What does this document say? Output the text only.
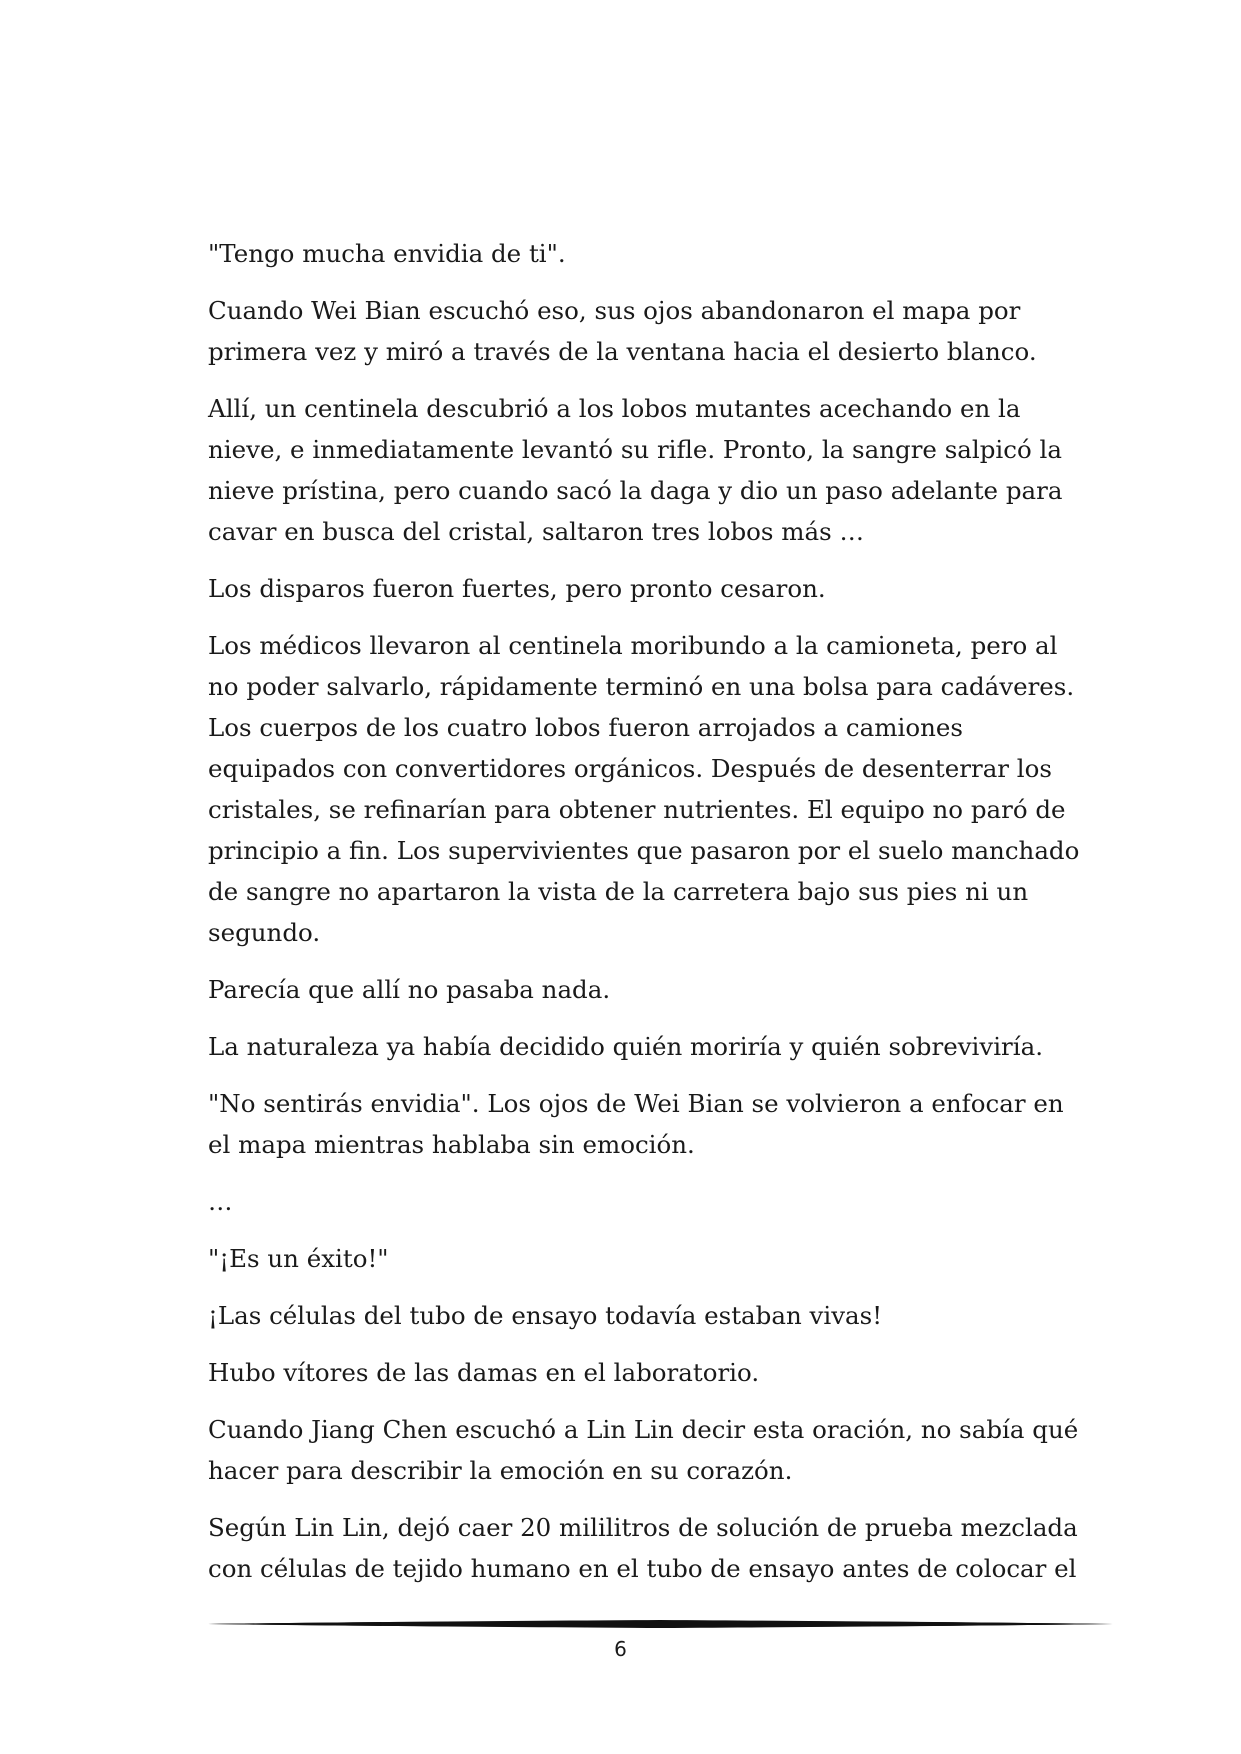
"Tengo mucha envidia de ti".

Cuando Wei Bian escuchó eso, sus ojos abandonaron el mapa por primera vez y miró a través de la ventana hacia el desierto blanco.

Allí, un centinela descubrió a los lobos mutantes acechando en la nieve, e inmediatamente levantó su rifle. Pronto, la sangre salpicó la nieve prístina, pero cuando sacó la daga y dio un paso adelante para cavar en busca del cristal, saltaron tres lobos más …

Los disparos fueron fuertes, pero pronto cesaron.

Los médicos llevaron al centinela moribundo a la camioneta, pero al no poder salvarlo, rápidamente terminó en una bolsa para cadáveres. Los cuerpos de los cuatro lobos fueron arrojados a camiones equipados con convertidores orgánicos. Después de desenterrar los cristales, se refinarían para obtener nutrientes. El equipo no paró de principio a fin. Los supervivientes que pasaron por el suelo manchado de sangre no apartaron la vista de la carretera bajo sus pies ni un segundo.

Parecía que allí no pasaba nada.

La naturaleza ya había decidido quién moriría y quién sobreviviría.

"No sentirás envidia". Los ojos de Wei Bian se volvieron a enfocar en el mapa mientras hablaba sin emoción.

…

"¡Es un éxito!"

¡Las células del tubo de ensayo todavía estaban vivas!

Hubo vítores de las damas en el laboratorio.

Cuando Jiang Chen escuchó a Lin Lin decir esta oración, no sabía qué hacer para describir la emoción en su corazón.

Según Lin Lin, dejó caer 20 mililitros de solución de prueba mezclada con células de tejido humano en el tubo de ensayo antes de colocar el

6
